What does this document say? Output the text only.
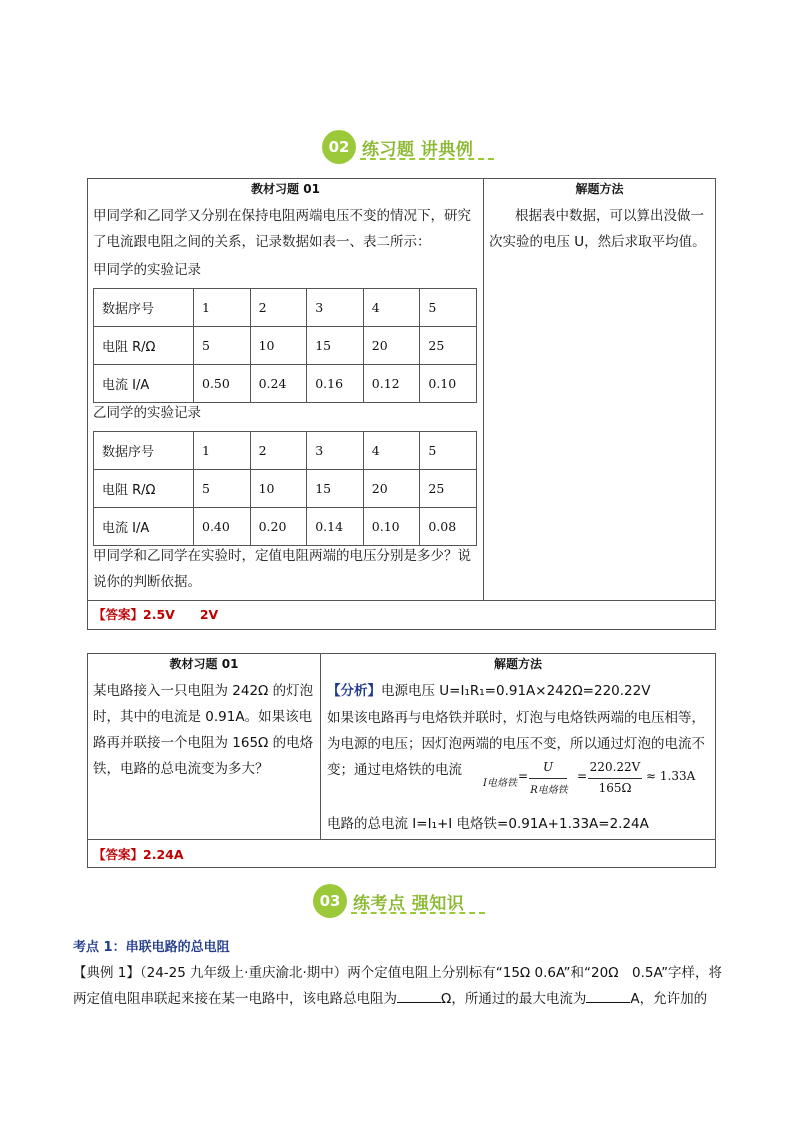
02 练习题 讲典例
教材习题 01	解题方法
甲同学和乙同学又分别在保持电阻两端电压不变的情况下，研究了电流跟电阻之间的关系，记录数据如表一、表二所示：
甲同学的实验记录
数据序号	1	2	3	4	5
电阻 R/Ω	5	10	15	20	25
电流 I/A	0.50	0.24	0.16	0.12	0.10
乙同学的实验记录
数据序号	1	2	3	4	5
电阻 R/Ω	5	10	15	20	25
电流 I/A	0.40	0.20	0.14	0.10	0.08
甲同学和乙同学在实验时，定值电阻两端的电压分别是多少？说说你的判断依据。
根据表中数据，可以算出没做一次实验的电压 U，然后求取平均值。
【答案】2.5V　　2V
教材习题 01	解题方法
某电路接入一只电阻为 242Ω 的灯泡时，其中的电流是 0.91A。如果该电路再并联接一个电阻为 165Ω 的电烙铁，电路的总电流变为多大？
【分析】电源电压 U=I₁R₁=0.91A×242Ω=220.22V
如果该电路再与电烙铁并联时，灯泡与电烙铁两端的电压相等，为电源的电压；因灯泡两端的电压不变，所以通过灯泡的电流不变；通过电烙铁的电流
I电烙铁
=
U
R电烙铁
=
220.22V
165Ω
≈ 1.33A
电路的总电流 I=I₁+I 电烙铁=0.91A+1.33A=2.24A
【答案】2.24A
03 练考点 强知识
考点 1：串联电路的总电阻
【典例 1】（24-25 九年级上·重庆渝北·期中）两个定值电阻上分别标有“15Ω 0.6A”和“20Ω　0.5A”字样，将两定值电阻串联起来接在某一电路中，该电路总电阻为	Ω，所通过的最大电流为	A，允许加的
